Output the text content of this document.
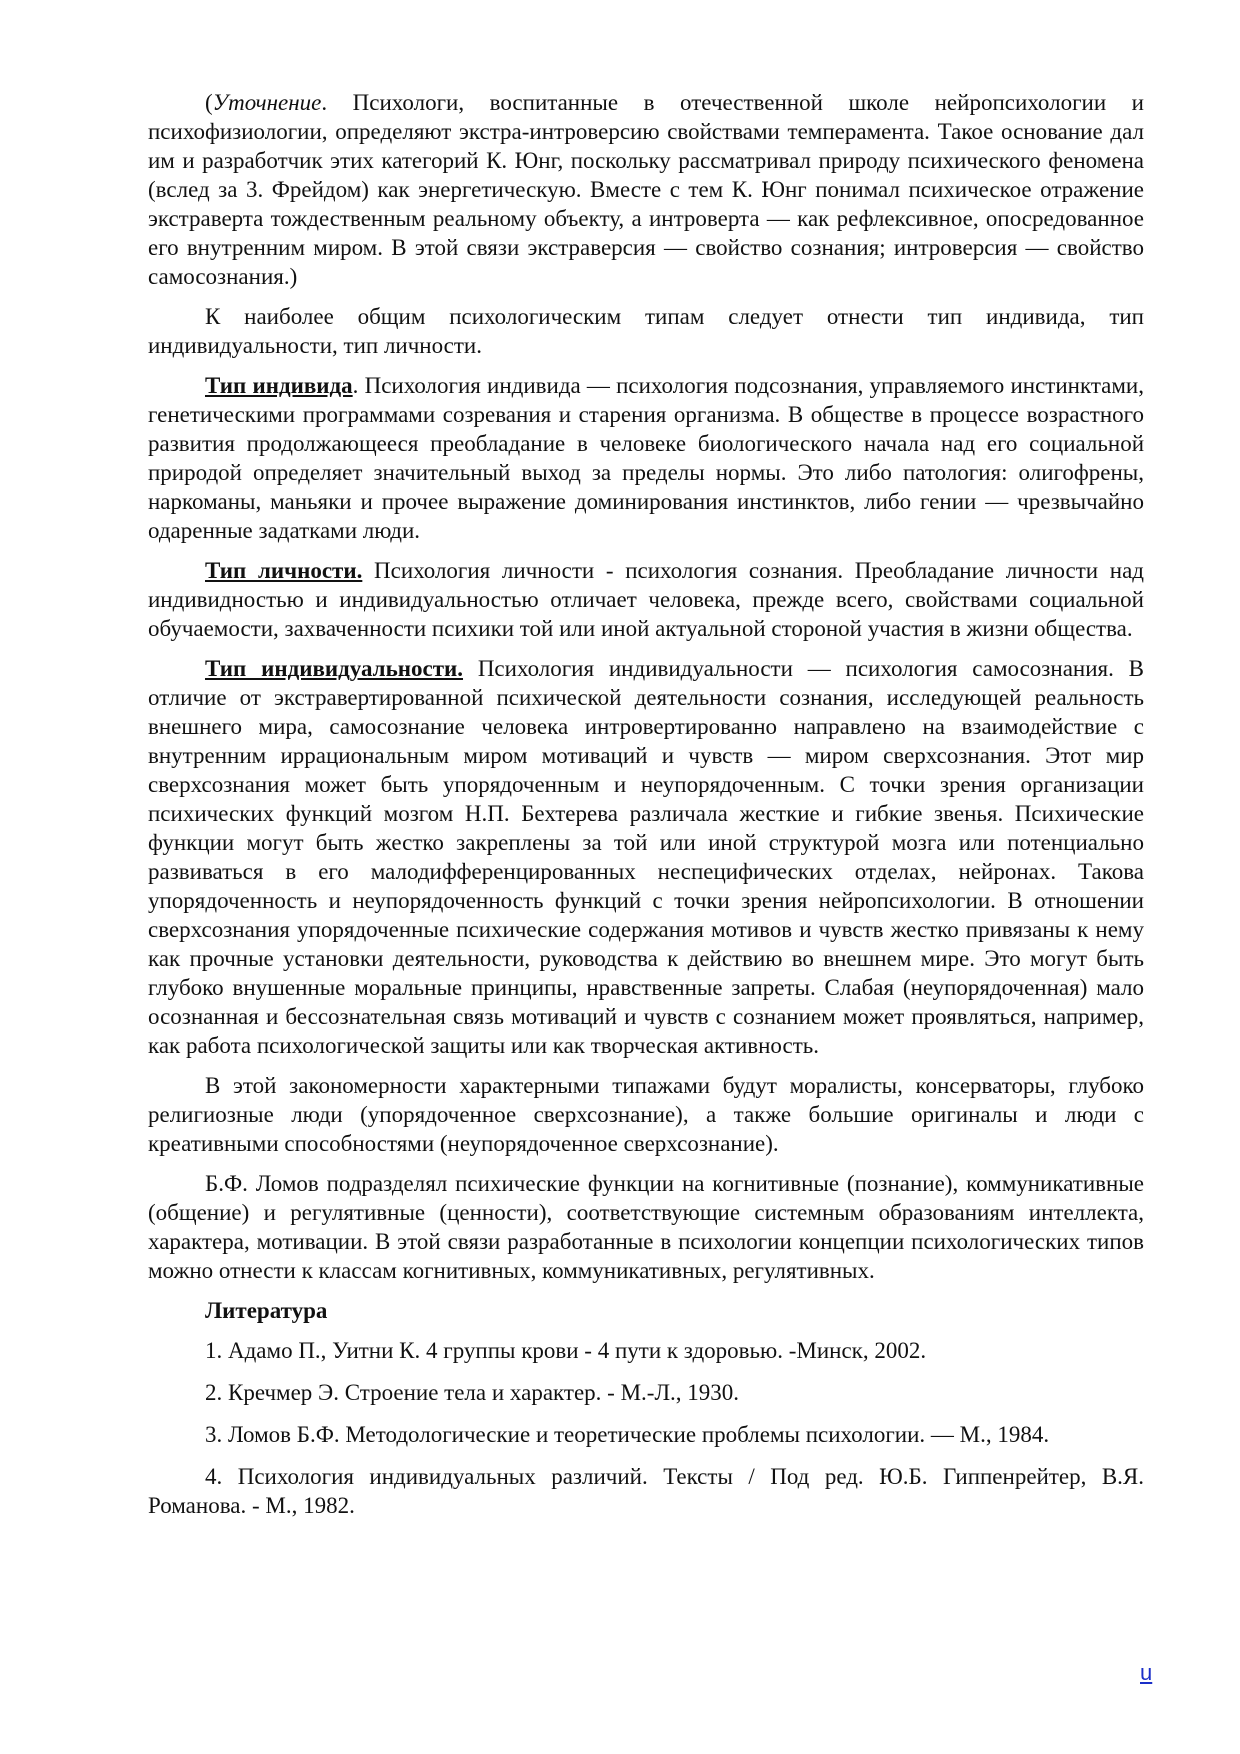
(Уточнение. Психологи, воспитанные в отечественной школе нейропсихологии и психофизиологии, определяют экстра-интроверсию свойствами темперамента. Такое основание дал им и разработчик этих категорий К. Юнг, поскольку рассматривал природу психического феномена (вслед за 3. Фрейдом) как энергетическую. Вместе с тем К. Юнг понимал психическое отражение экстраверта тождественным реальному объекту, а интроверта — как рефлексивное, опосредованное его внутренним миром. В этой связи экстраверсия — свойство сознания; интроверсия — свойство самосознания.)

К наиболее общим психологическим типам следует отнести тип индивида, тип индивидуальности, тип личности.

Тип индивида. Психология индивида — психология подсознания, управляемого инстинктами, генетическими программами созревания и старения организма. В обществе в процессе возрастного развития продолжающееся преобладание в человеке биологического начала над его социальной природой определяет значительный выход за пределы нормы. Это либо патология: олигофрены, наркоманы, маньяки и прочее выражение доминирования инстинктов, либо гении — чрезвычайно одаренные задатками люди.

Тип личности. Психология личности - психология сознания. Преобладание личности над индивидностью и индивидуальностью отличает человека, прежде всего, свойствами социальной обучаемости, захваченности психики той или иной актуальной стороной участия в жизни общества.

Тип индивидуальности. Психология индивидуальности — психология самосознания. В отличие от экстравертированной психической деятельности сознания, исследующей реальность внешнего мира, самосознание человека интровертированно направлено на взаимодействие с внутренним иррациональным миром мотиваций и чувств — миром сверхсознания. Этот мир сверхсознания может быть упорядоченным и неупорядоченным. С точки зрения организации психических функций мозгом Н.П. Бехтерева различала жесткие и гибкие звенья. Психические функции могут быть жестко закреплены за той или иной структурой мозга или потенциально развиваться в его малодифференцированных неспецифических отделах, нейронах. Такова упорядоченность и неупорядоченность функций с точки зрения нейропсихологии. В отношении сверхсознания упорядоченные психические содержания мотивов и чувств жестко привязаны к нему как прочные установки деятельности, руководства к действию во внешнем мире. Это могут быть глубоко внушенные моральные принципы, нравственные запреты. Слабая (неупорядоченная) мало осознанная и бессознательная связь мотиваций и чувств с сознанием может проявляться, например, как работа психологической защиты или как творческая активность.

В этой закономерности характерными типажами будут моралисты, консерваторы, глубоко религиозные люди (упорядоченное сверхсознание), а также большие оригиналы и люди с креативными способностями (неупорядоченное сверхсознание).

Б.Ф. Ломов подразделял психические функции на когнитивные (познание), коммуникативные (общение) и регулятивные (ценности), соответствующие системным образованиям интеллекта, характера, мотивации. В этой связи разработанные в психологии концепции психологических типов можно отнести к классам когнитивных, коммуникативных, регулятивных.

Литература
1. Адамо П., Уитни К. 4 группы крови - 4 пути к здоровью. -Минск, 2002.
2. Кречмер Э. Строение тела и характер. - М.-Л., 1930.
3. Ломов Б.Ф. Методологические и теоретические проблемы психологии. — М., 1984.
4. Психология индивидуальных различий. Тексты / Под ред. Ю.Б. Гиппенрейтер, В.Я. Романова. - М., 1982.
u
